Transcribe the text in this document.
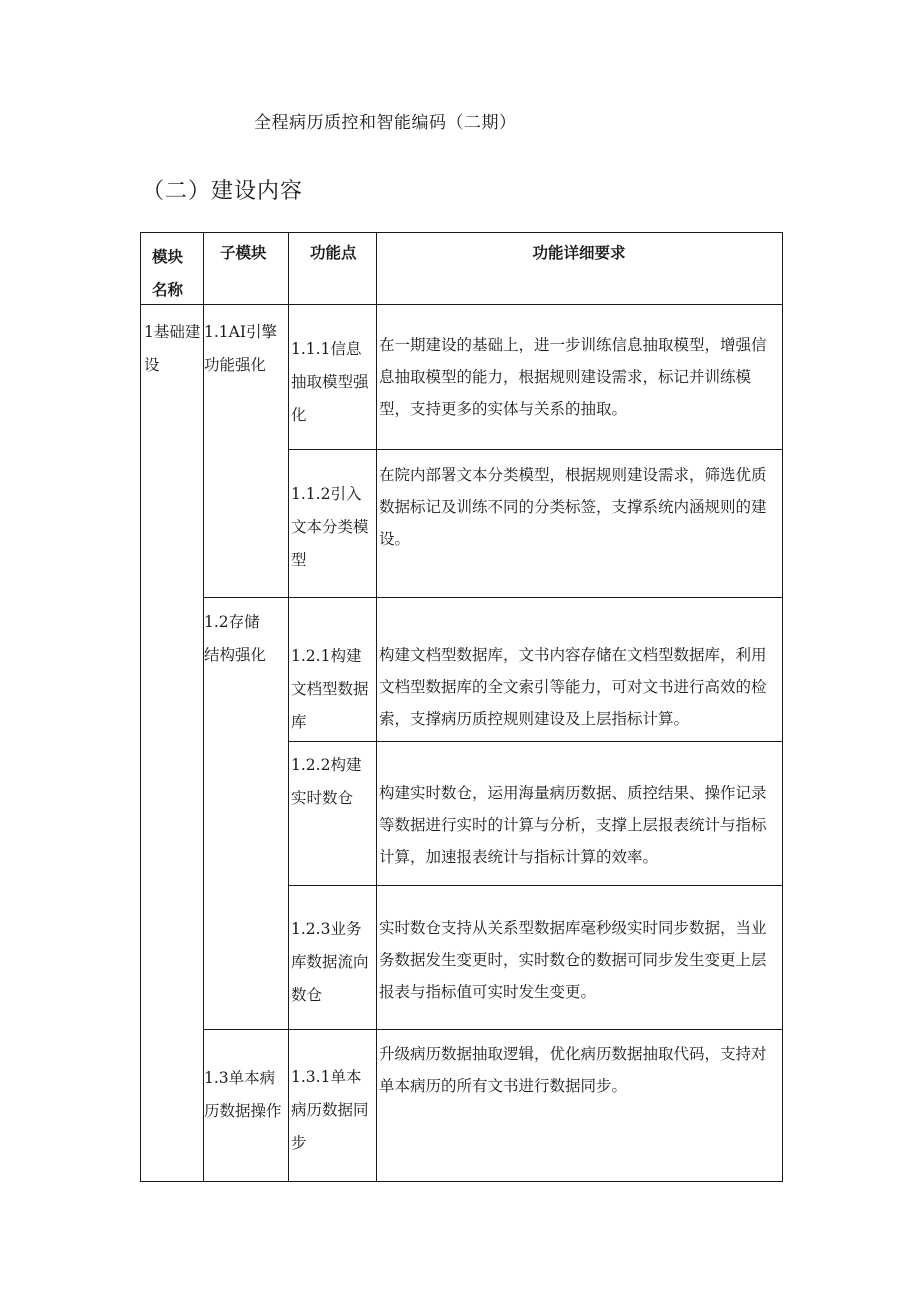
全程病历质控和智能编码（二期）
（二）建设内容
模块名称
子模块	功能点	功能详细要求
1基础建设
1.1AI引擎功能强化
1.2存储结构强化
1.3单本病历数据操作
1.1.1信息抽取模型强化
1.1.2引入文本分类模型
1.2.1构建文档型数据库
1.2.2构建实时数仓
1.2.3业务库数据流向数仓
1.3.1单本病历数据同步
在一期建设的基础上，进一步训练信息抽取模型，增强信息抽取模型的能力，根据规则建设需求，标记并训练模型，支持更多的实体与关系的抽取。
在院内部署文本分类模型，根据规则建设需求，筛选优质数据标记及训练不同的分类标签，支撑系统内涵规则的建设。
构建文档型数据库，文书内容存储在文档型数据库，利用文档型数据库的全文索引等能力，可对文书进行高效的检索，支撑病历质控规则建设及上层指标计算。
构建实时数仓，运用海量病历数据、质控结果、操作记录等数据进行实时的计算与分析，支撑上层报表统计与指标计算，加速报表统计与指标计算的效率。
实时数仓支持从关系型数据库毫秒级实时同步数据，当业务数据发生变更时，实时数仓的数据可同步发生变更上层报表与指标值可实时发生变更。
升级病历数据抽取逻辑，优化病历数据抽取代码，支持对单本病历的所有文书进行数据同步。
